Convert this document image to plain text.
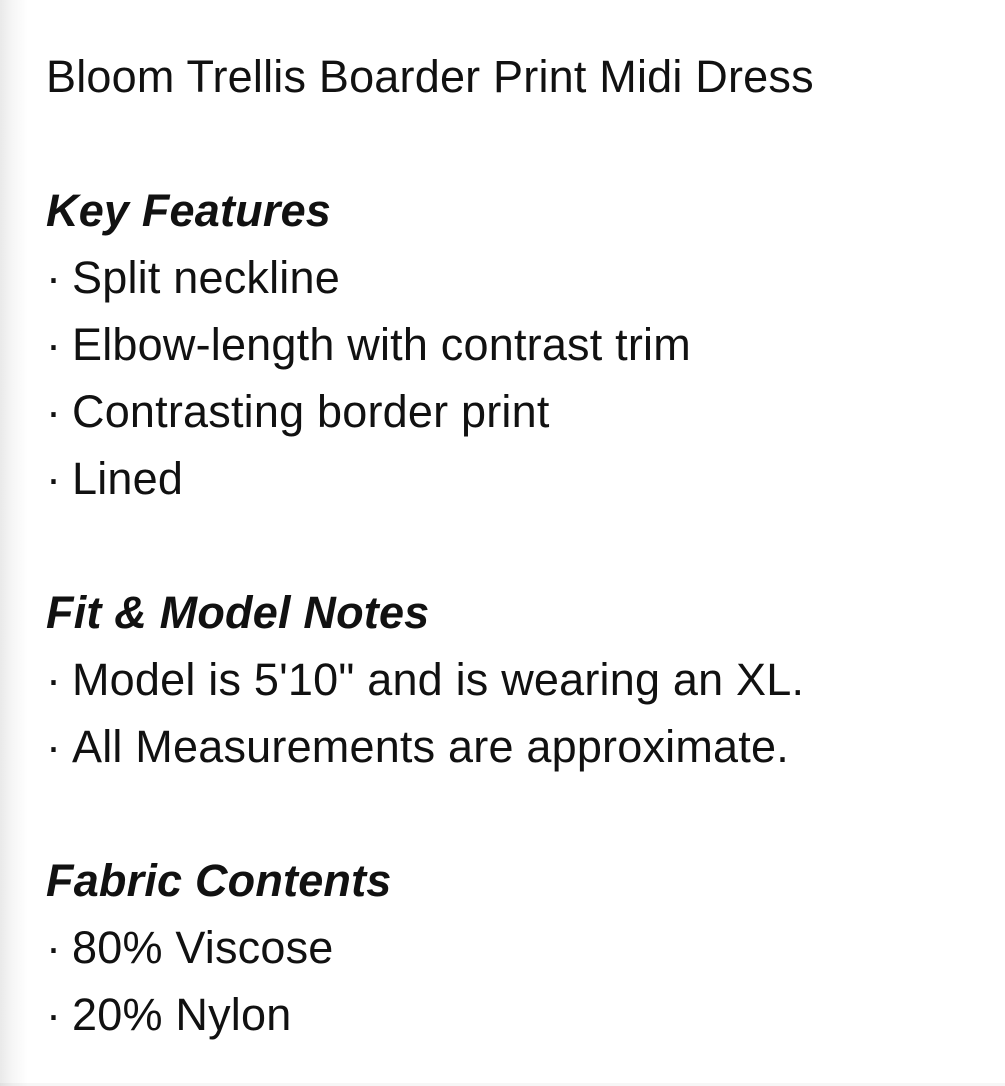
Bloom Trellis Boarder Print Midi Dress
Key Features
· Split neckline
· Elbow-length with contrast trim
· Contrasting border print
· Lined
Fit & Model Notes
· Model is 5'10" and is wearing an XL.
· All Measurements are approximate.
Fabric Contents
· 80% Viscose
· 20% Nylon
